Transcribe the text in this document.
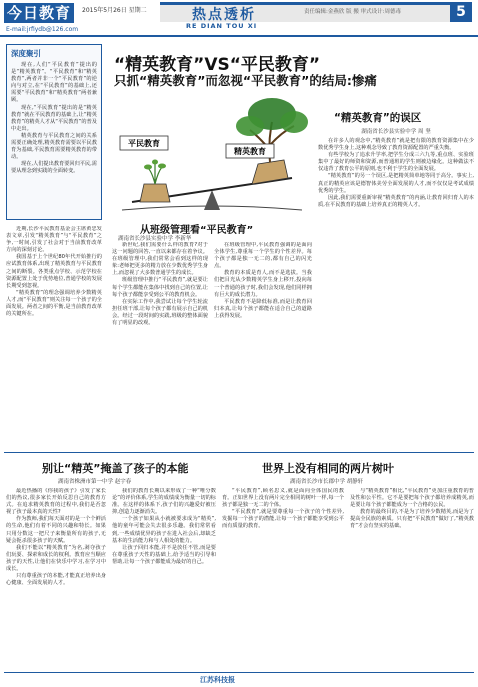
今日教育	2015年5月26日 星期二
E-mail:jrfiydb@126.com
热点透析
RE DIAN TOU XI
责任编辑:金燕欣 版 搬 审式设计:周德毒	5
深度聚引

现在,人们“平民教育”提出的是“精英教育”。“平民教育”和“精英教育”,两者并非一个“平民教育”的逆向与对立,在“平民教育”的基础上,还需要“平民教育”和“精英教育”两者兼顾。

现在,“平民教育”提出的是“精英教育”就在平民教育的基础上,让“精英教育”的精英人才从“平民教育”的普及中走出。

精英教育与平民教育之间的关系需要正确处理,精英教育需要以平民教育为基础,平民教育需要精英教育的带动。

现在,人们提出教育要回归平民,需要从理念到实践的全面转变。

近期,长沙平民教育基金会主席黄忠发表文章,引发“精英教育”与“平民教育”之争,一时间,引发了社会对于当前教育改革方向的深刻讨论。

我国基于上个世纪80年代开始推行的应试教育体系,出现了精英教育与平民教育之间的断裂。各类重点学校、示范学校在资源配置上处于优势地位,普通学校的发展长期受到忽视。

“精英教育”的理念强调培养少数精英人才,而“平民教育”则关注每一个孩子的全面发展。两者之间的平衡,是当前教育改革的关键所在。

“精英教育”VS“平民教育”
只抓“精英教育”而忽视“平民教育”的结局:惨痛
平民教育
精英教育
从班级管理看“平民教育”
湖南省长沙县实验中学 李新华

新世纪,我们需要什么样的教育?对于这一问题的回答,一直以来都存在着争议。在班级管理中,我们常常会看到这样的现象:老师把更多的精力放在少数优秀学生身上,而忽视了大多数普通学生的成长。

班级管理中推行“平民教育”,就是要让每个学生都能在集体中找到自己的位置,让每个孩子都能享受到公平的教育机会。

在实际工作中,我尝试让每个学生轮流担任班干部,让每个孩子都有展示自己的机会。经过一段时间的实践,班级的整体面貌有了明显的改观。

在班级管理中,平民教育强调的是面向全体学生,尊重每一个学生的个性差异。每个孩子都是独一无二的,都有自己的闪光点。

教育的本质是育人,而不是选拔。当我们把目光从少数精英学生身上移开,投向每一个普通的孩子时,我们会发现,他们同样拥有巨大的成长潜力。

平民教育不是降低标准,而是让教育回归本真,让每个孩子都能在适合自己的道路上获得发展。

“精英教育”的误区
湖南省长沙县实验中学 周 坚

在许多人的观念中,“精英教育”就是把有限的教育资源集中在少数优秀学生身上,这种观念导致了教育资源配置的严重失衡。

有些学校为了追求升学率,把学生分成三六九等,重点班、实验班集中了最好的师资和资源,而普通班的学生则被边缘化。这种做法不仅违背了教育公平的原则,也不利于学生的全面发展。

“精英教育”的另一个误区,是把精英简单地等同于高分。事实上,真正的精英应该是德智体美劳全面发展的人才,而不仅仅是考试成绩优秀的学生。

因此,我们需要重新审视“精英教育”的内涵,让教育回归育人的本质,在平民教育的基础上培养真正的精英人才。

别让“精英”掩盖了孩子的本能
湖南省株洲市第一中学 赵宇春

最近热播的《你我的孩子》引发了家长们的热议,很多家长开始反思自己的教育方式。在追求精英教育的过程中,我们是否忽视了孩子最本真的天性?

作为教师,我们每天面对的是一个个鲜活的生命,他们有着不同的兴趣和特长。如果只用分数这一把尺子来衡量所有的孩子,无疑会扼杀很多孩子的天赋。

我们不能以“精英教育”为名,剥夺孩子们玩耍、探索和成长的权利。教育应当顺应孩子的天性,让他们在快乐中学习,在学习中成长。

只有尊重孩子的本能,才能真正培养出身心健康、全面发展的人才。

我们的教育长期以来形成了一种“唯分数论”的评价体系,学生的成绩成为衡量一切的标准。在这样的体系下,孩子们的兴趣爱好被压抑,创造力逐渐消失。

一个孩子如果从小就被要求成为“精英”,他的童年可能会失去很多乐趣。我们常常看到,一些成绩优异的孩子在进入社会后,却缺乏基本的生活能力和与人相处的能力。

让孩子回归本能,并不是放任不管,而是要在尊重孩子天性的基础上,给予适当的引导和帮助,让每一个孩子都能成为最好的自己。

世界上没有相同的两片树叶
湖南省长沙市长郡中学 胡静轩

“平民教育”,顾名思义,就是面向全体国民的教育。正如世界上没有两片完全相同的树叶一样,每一个孩子都是独一无二的个体。

“平民教育”,就是要尊重每一个孩子的个性差异,发掘每一个孩子的潜能,让每一个孩子都能享受到公平而有质量的教育。

与“精英教育”相比,“平民教育”更加注重教育的普及性和公平性。它不是要把每个孩子都培养成精英,而是要让每个孩子都能成为一个合格的公民。

教育的最终目的,不是为了培养少数精英,而是为了提高全民族的素质。只有把“平民教育”做好了,“精英教育”才会有坚实的基础。

江苏科技报
